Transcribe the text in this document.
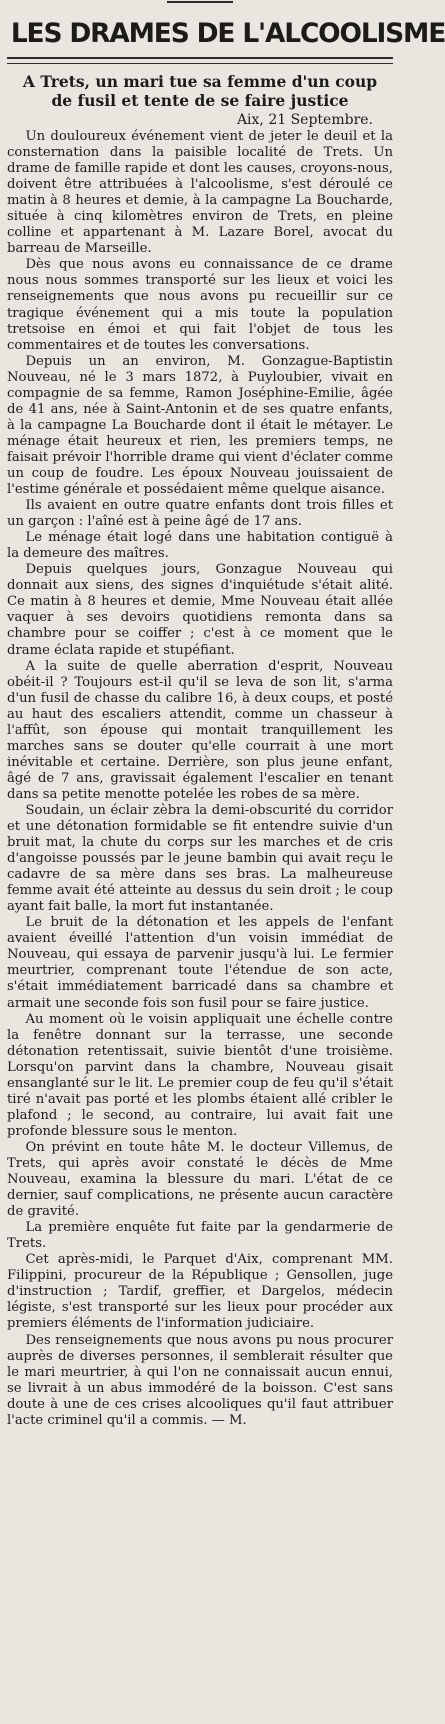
LES DRAMES DE L'ALCOOLISME
A Trets, un mari tue sa femme d'un coup de fusil et tente de se faire justice
Aix, 21 Septembre.

Un douloureux événement vient de jeter le deuil et la consternation dans la paisible localité de Trets. Un drame de famille rapide et dont les causes, croyons-nous, doivent être attribuées à l'alcoolisme, s'est déroulé ce matin à 8 heures et demie, à la campagne La Boucharde, située à cinq kilomètres environ de Trets, en pleine colline et appartenant à M. Lazare Borel, avocat du barreau de Marseille.

Dès que nous avons eu connaissance de ce drame nous nous sommes transporté sur les lieux et voici les renseignements que nous avons pu recueillir sur ce tragique événement qui a mis toute la population tretsoise en émoi et qui fait l'objet de tous les commentaires et de toutes les conversations.

Depuis un an environ, M. Gonzague-Baptistin Nouveau, né le 3 mars 1872, à Puyloubier, vivait en compagnie de sa femme, Ramon Joséphine-Emilie, âgée de 41 ans, née à Saint-Antonin et de ses quatre enfants, à la campagne La Boucharde dont il était le métayer. Le ménage était heureux et rien, les premiers temps, ne faisait prévoir l'horrible drame qui vient d'éclater comme un coup de foudre. Les époux Nouveau jouissaient de l'estime générale et possédaient même quelque aisance.

Ils avaient en outre quatre enfants dont trois filles et un garçon : l'aîné est à peine âgé de 17 ans.

Le ménage était logé dans une habitation contiguë à la demeure des maîtres.

Depuis quelques jours, Gonzague Nouveau qui donnait aux siens, des signes d'inquiétude s'était alité. Ce matin à 8 heures et demie, Mme Nouveau était allée vaquer à ses devoirs quotidiens remonta dans sa chambre pour se coiffer ; c'est à ce moment que le drame éclata rapide et stupéfiant.

A la suite de quelle aberration d'esprit, Nouveau obéit-il ? Toujours est-il qu'il se leva de son lit, s'arma d'un fusil de chasse du calibre 16, à deux coups, et posté au haut des escaliers attendit, comme un chasseur à l'affût, son épouse qui montait tranquillement les marches sans se douter qu'elle courrait à une mort inévitable et certaine. Derrière, son plus jeune enfant, âgé de 7 ans, gravissait également l'escalier en tenant dans sa petite menotte potelée les robes de sa mère.

Soudain, un éclair zèbra la demi-obscurité du corridor et une détonation formidable se fit entendre suivie d'un bruit mat, la chute du corps sur les marches et de cris d'angoisse poussés par le jeune bambin qui avait reçu le cadavre de sa mère dans ses bras. La malheureuse femme avait été atteinte au dessus du sein droit ; le coup ayant fait balle, la mort fut instantanée.

Le bruit de la détonation et les appels de l'enfant avaient éveillé l'attention d'un voisin immédiat de Nouveau, qui essaya de parvenir jusqu'à lui. Le fermier meurtrier, comprenant toute l'étendue de son acte, s'était immédiatement barricadé dans sa chambre et armait une seconde fois son fusil pour se faire justice.

Au moment où le voisin appliquait une échelle contre la fenêtre donnant sur la terrasse, une seconde détonation retentissait, suivie bientôt d'une troisième. Lorsqu'on parvint dans la chambre, Nouveau gisait ensanglanté sur le lit. Le premier coup de feu qu'il s'était tiré n'avait pas porté et les plombs étaient allé cribler le plafond ; le second, au contraire, lui avait fait une profonde blessure sous le menton.

On prévint en toute hâte M. le docteur Villemus, de Trets, qui après avoir constaté le décès de Mme Nouveau, examina la blessure du mari. L'état de ce dernier, sauf complications, ne présente aucun caractère de gravité.

La première enquête fut faite par la gendarmerie de Trets.

Cet après-midi, le Parquet d'Aix, comprenant MM. Filippini, procureur de la République ; Gensollen, juge d'instruction ; Tardif, greffier, et Dargelos, médecin légiste, s'est transporté sur les lieux pour procéder aux premiers éléments de l'information judiciaire.

Des renseignements que nous avons pu nous procurer auprès de diverses personnes, il semblerait résulter que le mari meurtrier, à qui l'on ne connaissait aucun ennui, se livrait à un abus immodéré de la boisson. C'est sans doute à une de ces crises alcooliques qu'il faut attribuer l'acte criminel qu'il a commis. — M.
